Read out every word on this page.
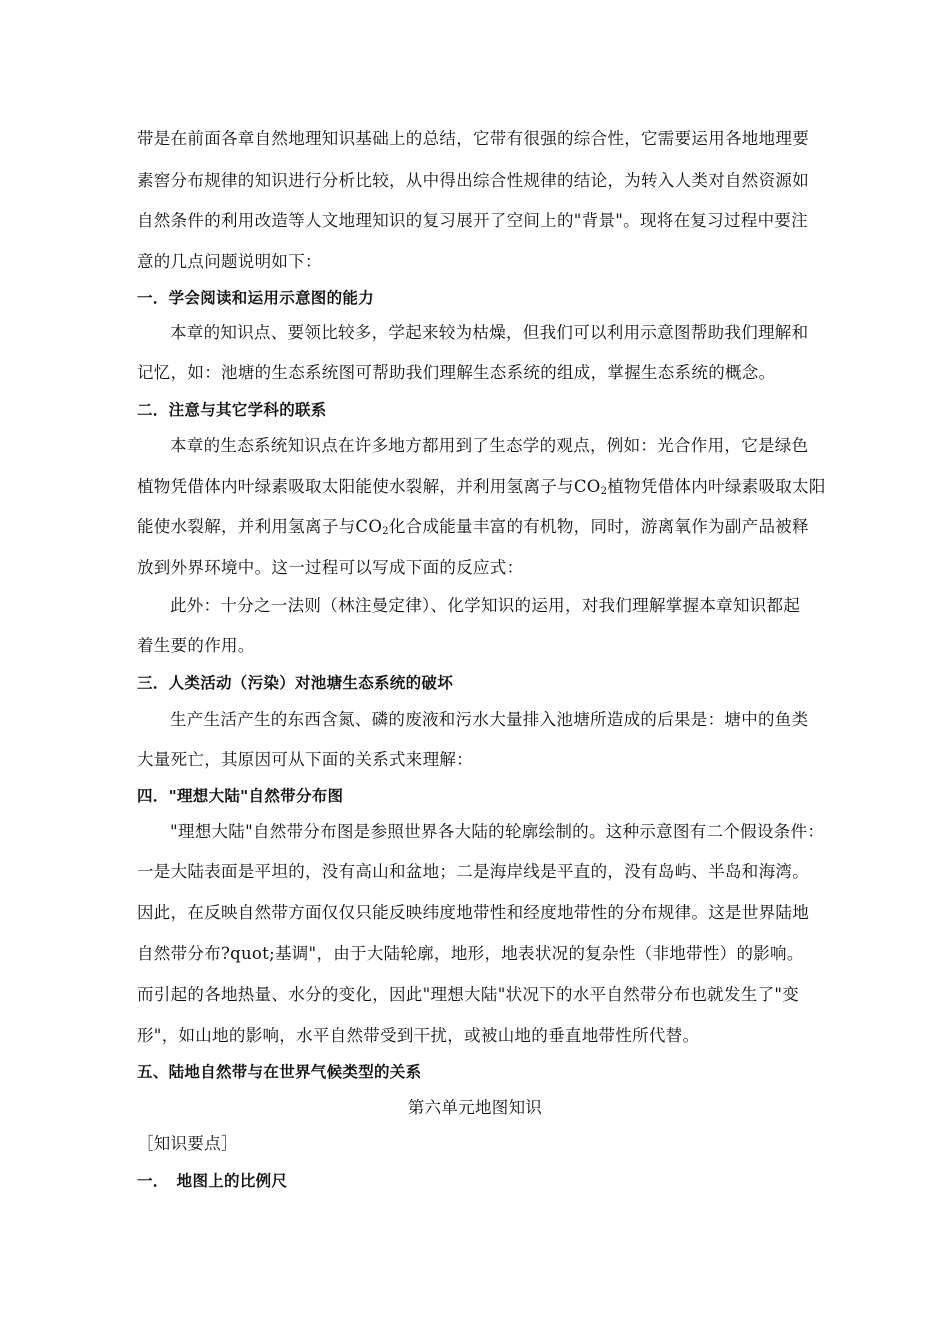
带是在前面各章自然地理知识基础上的总结，它带有很强的综合性，它需要运用各地地理要
素窖分布规律的知识进行分析比较，从中得出综合性规律的结论，为转入人类对自然资源如
自然条件的利用改造等人文地理知识的复习展开了空间上的"背景"。现将在复习过程中要注
意的几点问题说明如下：
一．学会阅读和运用示意图的能力
本章的知识点、要领比较多，学起来较为枯燥，但我们可以利用示意图帮助我们理解和
记忆，如：池塘的生态系统图可帮助我们理解生态系统的组成，掌握生态系统的概念。
二．注意与其它学科的联系
本章的生态系统知识点在许多地方都用到了生态学的观点，例如：光合作用，它是绿色
植物凭借体内叶绿素吸取太阳能使水裂解，并利用氢离子与$CO_2$植物凭借体内叶绿素吸取太阳
能使水裂解，并利用氢离子与$CO_2$化合成能量丰富的有机物，同时，游离氧作为副产品被释
放到外界环境中。这一过程可以写成下面的反应式：
此外：十分之一法则（林注曼定律）、化学知识的运用，对我们理解掌握本章知识都起
着生要的作用。
三．人类活动（污染）对池塘生态系统的破坏
生产生活产生的东西含氮、磷的废液和污水大量排入池塘所造成的后果是：塘中的鱼类
大量死亡，其原因可从下面的关系式来理解：
四．"理想大陆"自然带分布图
"理想大陆"自然带分布图是参照世界各大陆的轮廓绘制的。这种示意图有二个假设条件：
一是大陆表面是平坦的，没有高山和盆地；二是海岸线是平直的，没有岛屿、半岛和海湾。
因此，在反映自然带方面仅仅只能反映纬度地带性和经度地带性的分布规律。这是世界陆地
自然带分布?quot;基调"，由于大陆轮廓，地形，地表状况的复杂性（非地带性）的影响。
而引起的各地热量、水分的变化，因此"理想大陆"状况下的水平自然带分布也就发生了"变
形"，如山地的影响，水平自然带受到干扰，或被山地的垂直地带性所代替。
五、陆地自然带与在世界气候类型的关系
第六单元地图知识
［知识要点］
一．　地图上的比例尺
